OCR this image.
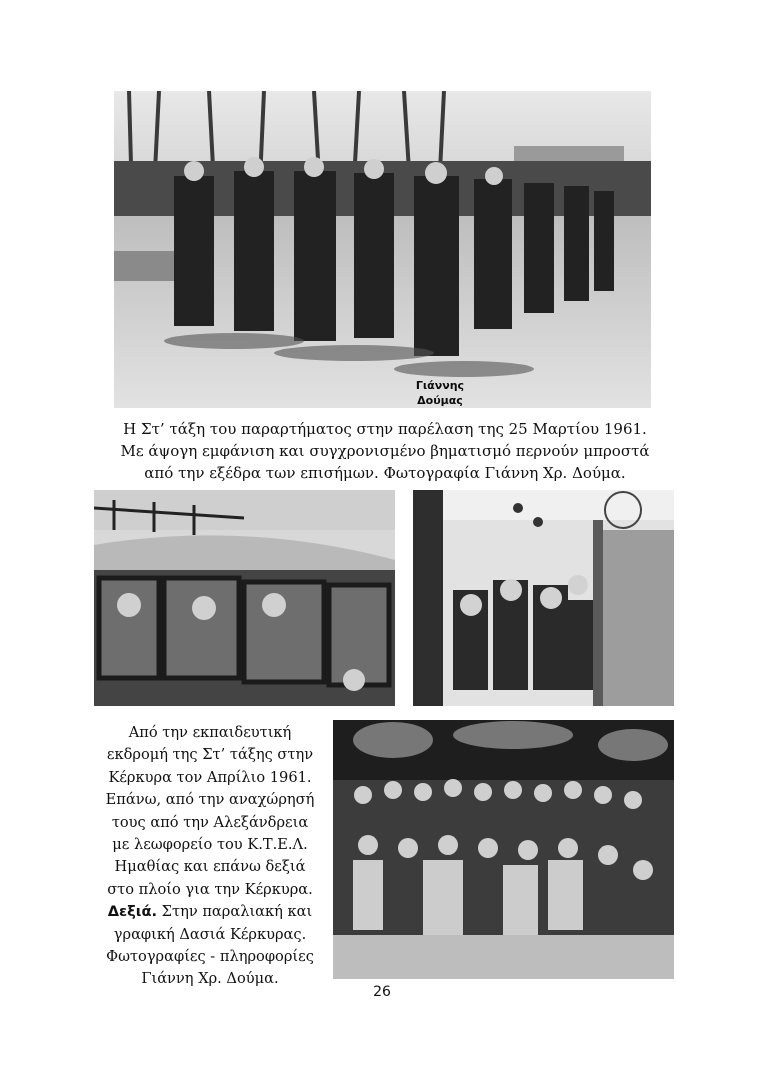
Γιάννης
Δούμας
Η Στ’ τάξη του παραρτήματος στην παρέλαση της 25 Μαρτίου 1961.
Με άψογη εμφάνιση και συγχρονισμένο βηματισμό περνούν μπροστά
από την εξέδρα των επισήμων. Φωτογραφία Γιάννη Χρ. Δούμα.
Από την εκπαιδευτική
εκδρομή της Στ’ τάξης στην
Κέρκυρα τον Απρίλιο 1961.
Επάνω, από την αναχώρησή
τους από την Αλεξάνδρεια
με λεωφορείο του Κ.Τ.Ε.Λ.
Ημαθίας και επάνω δεξιά
στο πλοίο για την Κέρκυρα.
Δεξιά. Στην παραλιακή και
γραφική Δασιά Κέρκυρας.
Φωτογραφίες - πληροφορίες
Γιάννη Χρ. Δούμα.
26
